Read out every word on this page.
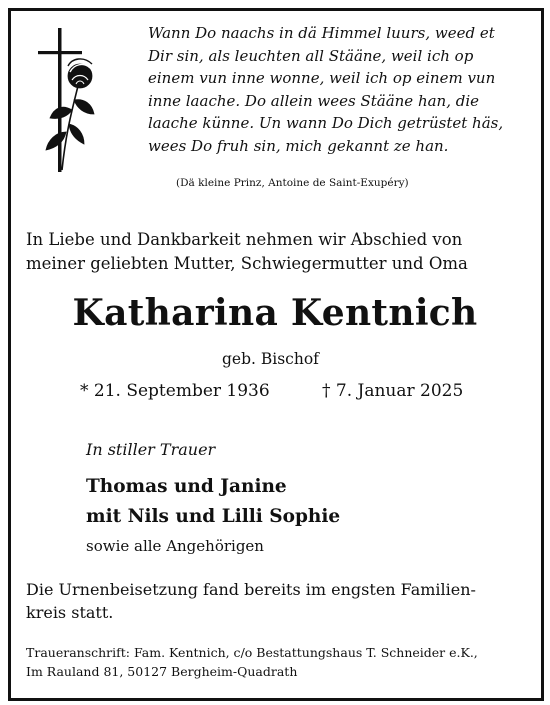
Wann Do naachs in dä Himmel luurs, weed et
Dir sin, als leuchten all Stääne, weil ich op
einem vun inne wonne, weil ich op einem vun
inne laache. Do allein wees Stääne han, die
laache künne. Un wann Do Dich getrüstet häs,
wees Do fruh sin, mich gekannt ze han.
(Dä kleine Prinz, Antoine de Saint-Exupéry)
In Liebe und Dankbarkeit nehmen wir Abschied von
meiner geliebten Mutter, Schwiegermutter und Oma
Katharina Kentnich
geb. Bischof
* 21. September 1936	† 7. Januar 2025
In stiller Trauer
Thomas und Janine
mit Nils und Lilli Sophie
sowie alle Angehörigen
Die Urnenbeisetzung fand bereits im engsten Familien-
kreis statt.
Traueranschrift: Fam. Kentnich, c/o Bestattungshaus T. Schneider e.K.,
Im Rauland 81, 50127 Bergheim-Quadrath
